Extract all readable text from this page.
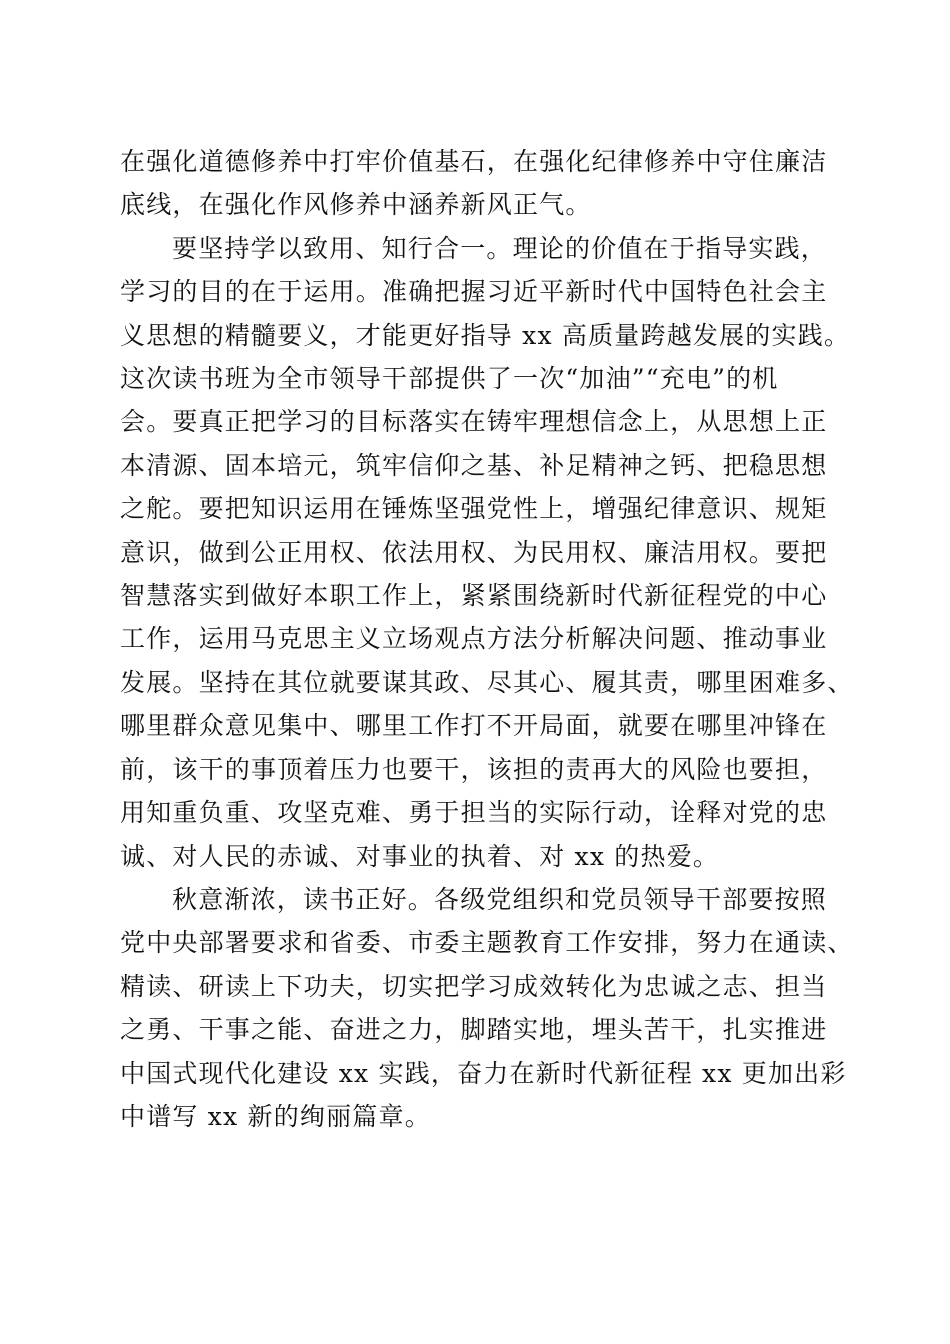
在强化道德修养中打牢价值基石，在强化纪律修养中守住廉洁
底线，在强化作风修养中涵养新风正气。
要坚持学以致用、知行合一。理论的价值在于指导实践，
学习的目的在于运用。准确把握习近平新时代中国特色社会主
义思想的精髓要义，才能更好指导 xx 高质量跨越发展的实践。
这次读书班为全市领导干部提供了一次“加油”“充电”的机
会。要真正把学习的目标落实在铸牢理想信念上，从思想上正
本清源、固本培元，筑牢信仰之基、补足精神之钙、把稳思想
之舵。要把知识运用在锤炼坚强党性上，增强纪律意识、规矩
意识，做到公正用权、依法用权、为民用权、廉洁用权。要把
智慧落实到做好本职工作上，紧紧围绕新时代新征程党的中心
工作，运用马克思主义立场观点方法分析解决问题、推动事业
发展。坚持在其位就要谋其政、尽其心、履其责，哪里困难多、
哪里群众意见集中、哪里工作打不开局面，就要在哪里冲锋在
前，该干的事顶着压力也要干，该担的责再大的风险也要担，
用知重负重、攻坚克难、勇于担当的实际行动，诠释对党的忠
诚、对人民的赤诚、对事业的执着、对 xx 的热爱。
秋意渐浓，读书正好。各级党组织和党员领导干部要按照
党中央部署要求和省委、市委主题教育工作安排，努力在通读、
精读、研读上下功夫，切实把学习成效转化为忠诚之志、担当
之勇、干事之能、奋进之力，脚踏实地，埋头苦干，扎实推进
中国式现代化建设 xx 实践，奋力在新时代新征程 xx 更加出彩
中谱写 xx 新的绚丽篇章。
